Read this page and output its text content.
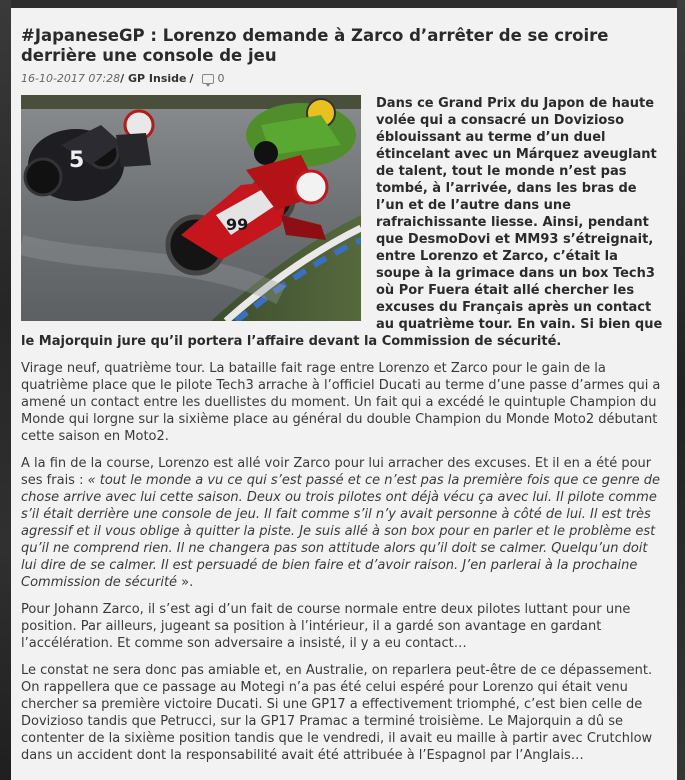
#JapaneseGP : Lorenzo demande à Zarco d’arrêter de se croire derrière une console de jeu
16-10-2017 07:28 / GP Inside / 0
5
99

Dans ce Grand Prix du Japon de haute volée qui a consacré un Dovizioso éblouissant au terme d’un duel étincelant avec un Márquez aveuglant de talent, tout le monde n’est pas tombé, à l’arrivée, dans les bras de l’un et de l’autre dans une rafraichissante liesse. Ainsi, pendant que DesmoDovi et MM93 s’étreignait, entre Lorenzo et Zarco, c’était la soupe à la grimace dans un box Tech3 où Por Fuera était allé chercher les excuses du Français après un contact au quatrième tour. En vain. Si bien que le Majorquin jure qu’il portera l’affaire devant la Commission de sécurité.

Virage neuf, quatrième tour. La bataille fait rage entre Lorenzo et Zarco pour le gain de la quatrième place que le pilote Tech3 arrache à l’officiel Ducati au terme d’une passe d’armes qui a amené un contact entre les duellistes du moment. Un fait qui a excédé le quintuple Champion du Monde qui lorgne sur la sixième place au général du double Champion du Monde Moto2 débutant cette saison en Moto2.

A la fin de la course, Lorenzo est allé voir Zarco pour lui arracher des excuses. Et il en a été pour ses frais : « tout le monde a vu ce qui s’est passé et ce n’est pas la première fois que ce genre de chose arrive avec lui cette saison. Deux ou trois pilotes ont déjà vécu ça avec lui. Il pilote comme s’il était derrière une console de jeu. Il fait comme s’il n’y avait personne à côté de lui. Il est très agressif et il vous oblige à quitter la piste. Je suis allé à son box pour en parler et le problème est qu’il ne comprend rien. Il ne changera pas son attitude alors qu’il doit se calmer. Quelqu’un doit lui dire de se calmer. Il est persuadé de bien faire et d’avoir raison. J’en parlerai à la prochaine Commission de sécurité ».

Pour Johann Zarco, il s’est agi d’un fait de course normale entre deux pilotes luttant pour une position. Par ailleurs, jugeant sa position à l’intérieur, il a gardé son avantage en gardant l’accélération. Et comme son adversaire a insisté, il y a eu contact…

Le constat ne sera donc pas amiable et, en Australie, on reparlera peut-être de ce dépassement. On rappellera que ce passage au Motegi n’a pas été celui espéré pour Lorenzo qui était venu chercher sa première victoire Ducati. Si une GP17 a effectivement triomphé, c’est bien celle de Dovizioso tandis que Petrucci, sur la GP17 Pramac a terminé troisième. Le Majorquin a dû se contenter de la sixième position tandis que le vendredi, il avait eu maille à partir avec Crutchlow dans un accident dont la responsabilité avait été attribuée à l’Espagnol par l’Anglais…
